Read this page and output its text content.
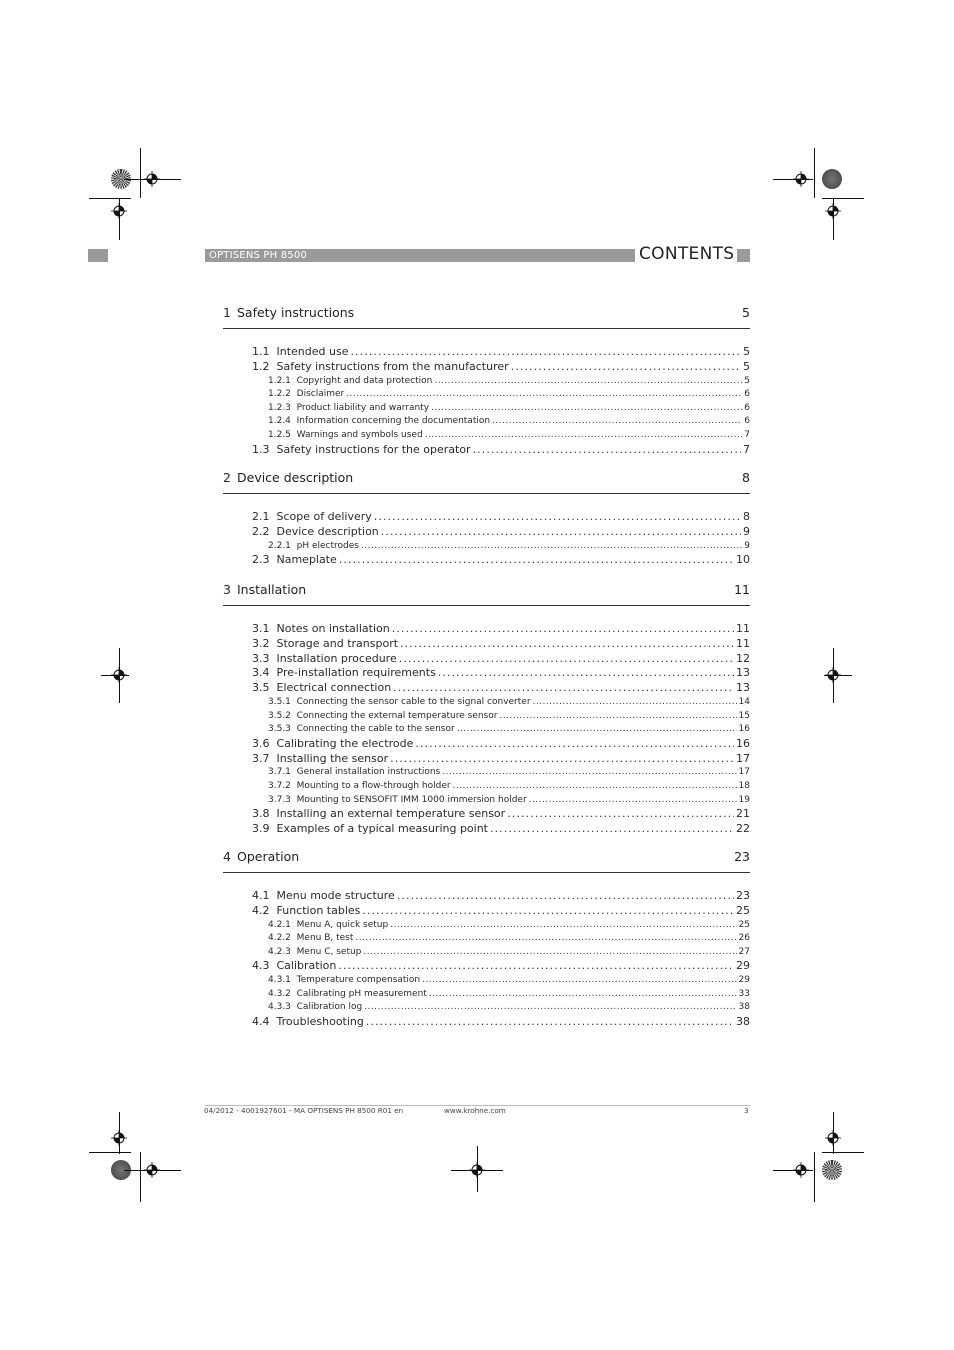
OPTISENS PH 8500	CONTENTS
1 Safety instructions	5
1.1 Intended use . . .	5
1.2 Safety instructions from the manufacturer . . .	5
1.2.1 Copyright and data protection . . .	5
1.2.2 Disclaimer . . .	6
1.2.3 Product liability and warranty . . .	6
1.2.4 Information concerning the documentation . . .	6
1.2.5 Warnings and symbols used . . .	7
1.3 Safety instructions for the operator . . .	7
2 Device description	8
2.1 Scope of delivery . . .	8
2.2 Device description . . .	9
2.2.1 pH electrodes . . .	9
2.3 Nameplate . . .	10
3 Installation	11
3.1 Notes on installation . . .	11
3.2 Storage and transport . . .	11
3.3 Installation procedure . . .	12
3.4 Pre-installation requirements . . .	13
3.5 Electrical connection . . .	13
3.5.1 Connecting the sensor cable to the signal converter . . .	14
3.5.2 Connecting the external temperature sensor . . .	15
3.5.3 Connecting the cable to the sensor . . .	16
3.6 Calibrating the electrode . . .	16
3.7 Installing the sensor . . .	17
3.7.1 General installation instructions . . .	17
3.7.2 Mounting to a flow-through holder . . .	18
3.7.3 Mounting to SENSOFIT IMM 1000 immersion holder . . .	19
3.8 Installing an external temperature sensor . . .	21
3.9 Examples of a typical measuring point . . .	22
4 Operation	23
4.1 Menu mode structure . . .	23
4.2 Function tables . . .	25
4.2.1 Menu A, quick setup . . .	25
4.2.2 Menu B, test . . .	26
4.2.3 Menu C, setup . . .	27
4.3 Calibration . . .	29
4.3.1 Temperature compensation . . .	29
4.3.2 Calibrating pH measurement . . .	33
4.3.3 Calibration log . . .	38
4.4 Troubleshooting . . .	38
04/2012 - 4001927601 - MA OPTISENS PH 8500 R01 en	www.krohne.com	3
